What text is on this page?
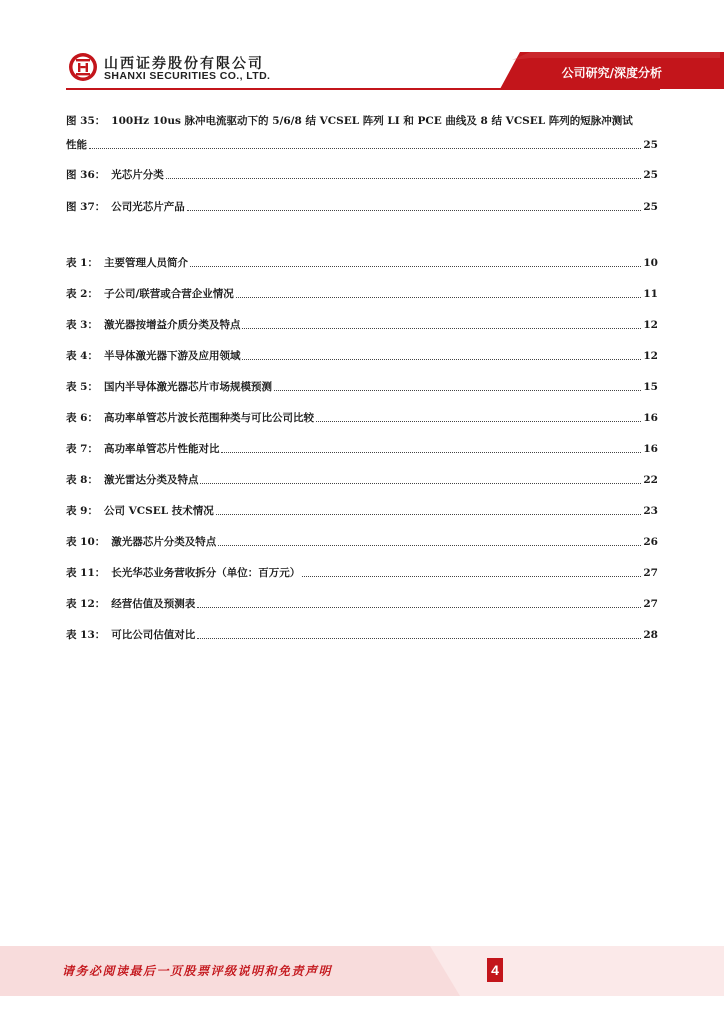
山西证券股份有限公司
SHANXI SECURITIES CO., LTD.	公司研究/深度分析
图 35： 100Hz 10us 脉冲电流驱动下的 5/6/8 结 VCSEL 阵列 LI 和 PCE 曲线及 8 结 VCSEL 阵列的短脉冲测试
性能	25
图 36： 光芯片分类	25
图 37： 公司光芯片产品	25
表 1： 主要管理人员简介	10
表 2： 子公司/联营或合营企业情况	11
表 3： 激光器按增益介质分类及特点	12
表 4： 半导体激光器下游及应用领域	12
表 5： 国内半导体激光器芯片市场规模预测	15
表 6： 高功率单管芯片波长范围种类与可比公司比较	16
表 7： 高功率单管芯片性能对比	16
表 8： 激光雷达分类及特点	22
表 9： 公司 VCSEL 技术情况	23
表 10： 激光器芯片分类及特点	26
表 11： 长光华芯业务营收拆分（单位：百万元）	27
表 12： 经营估值及预测表	27
表 13： 可比公司估值对比	28
请务必阅读最后一页股票评级说明和免责声明	4
